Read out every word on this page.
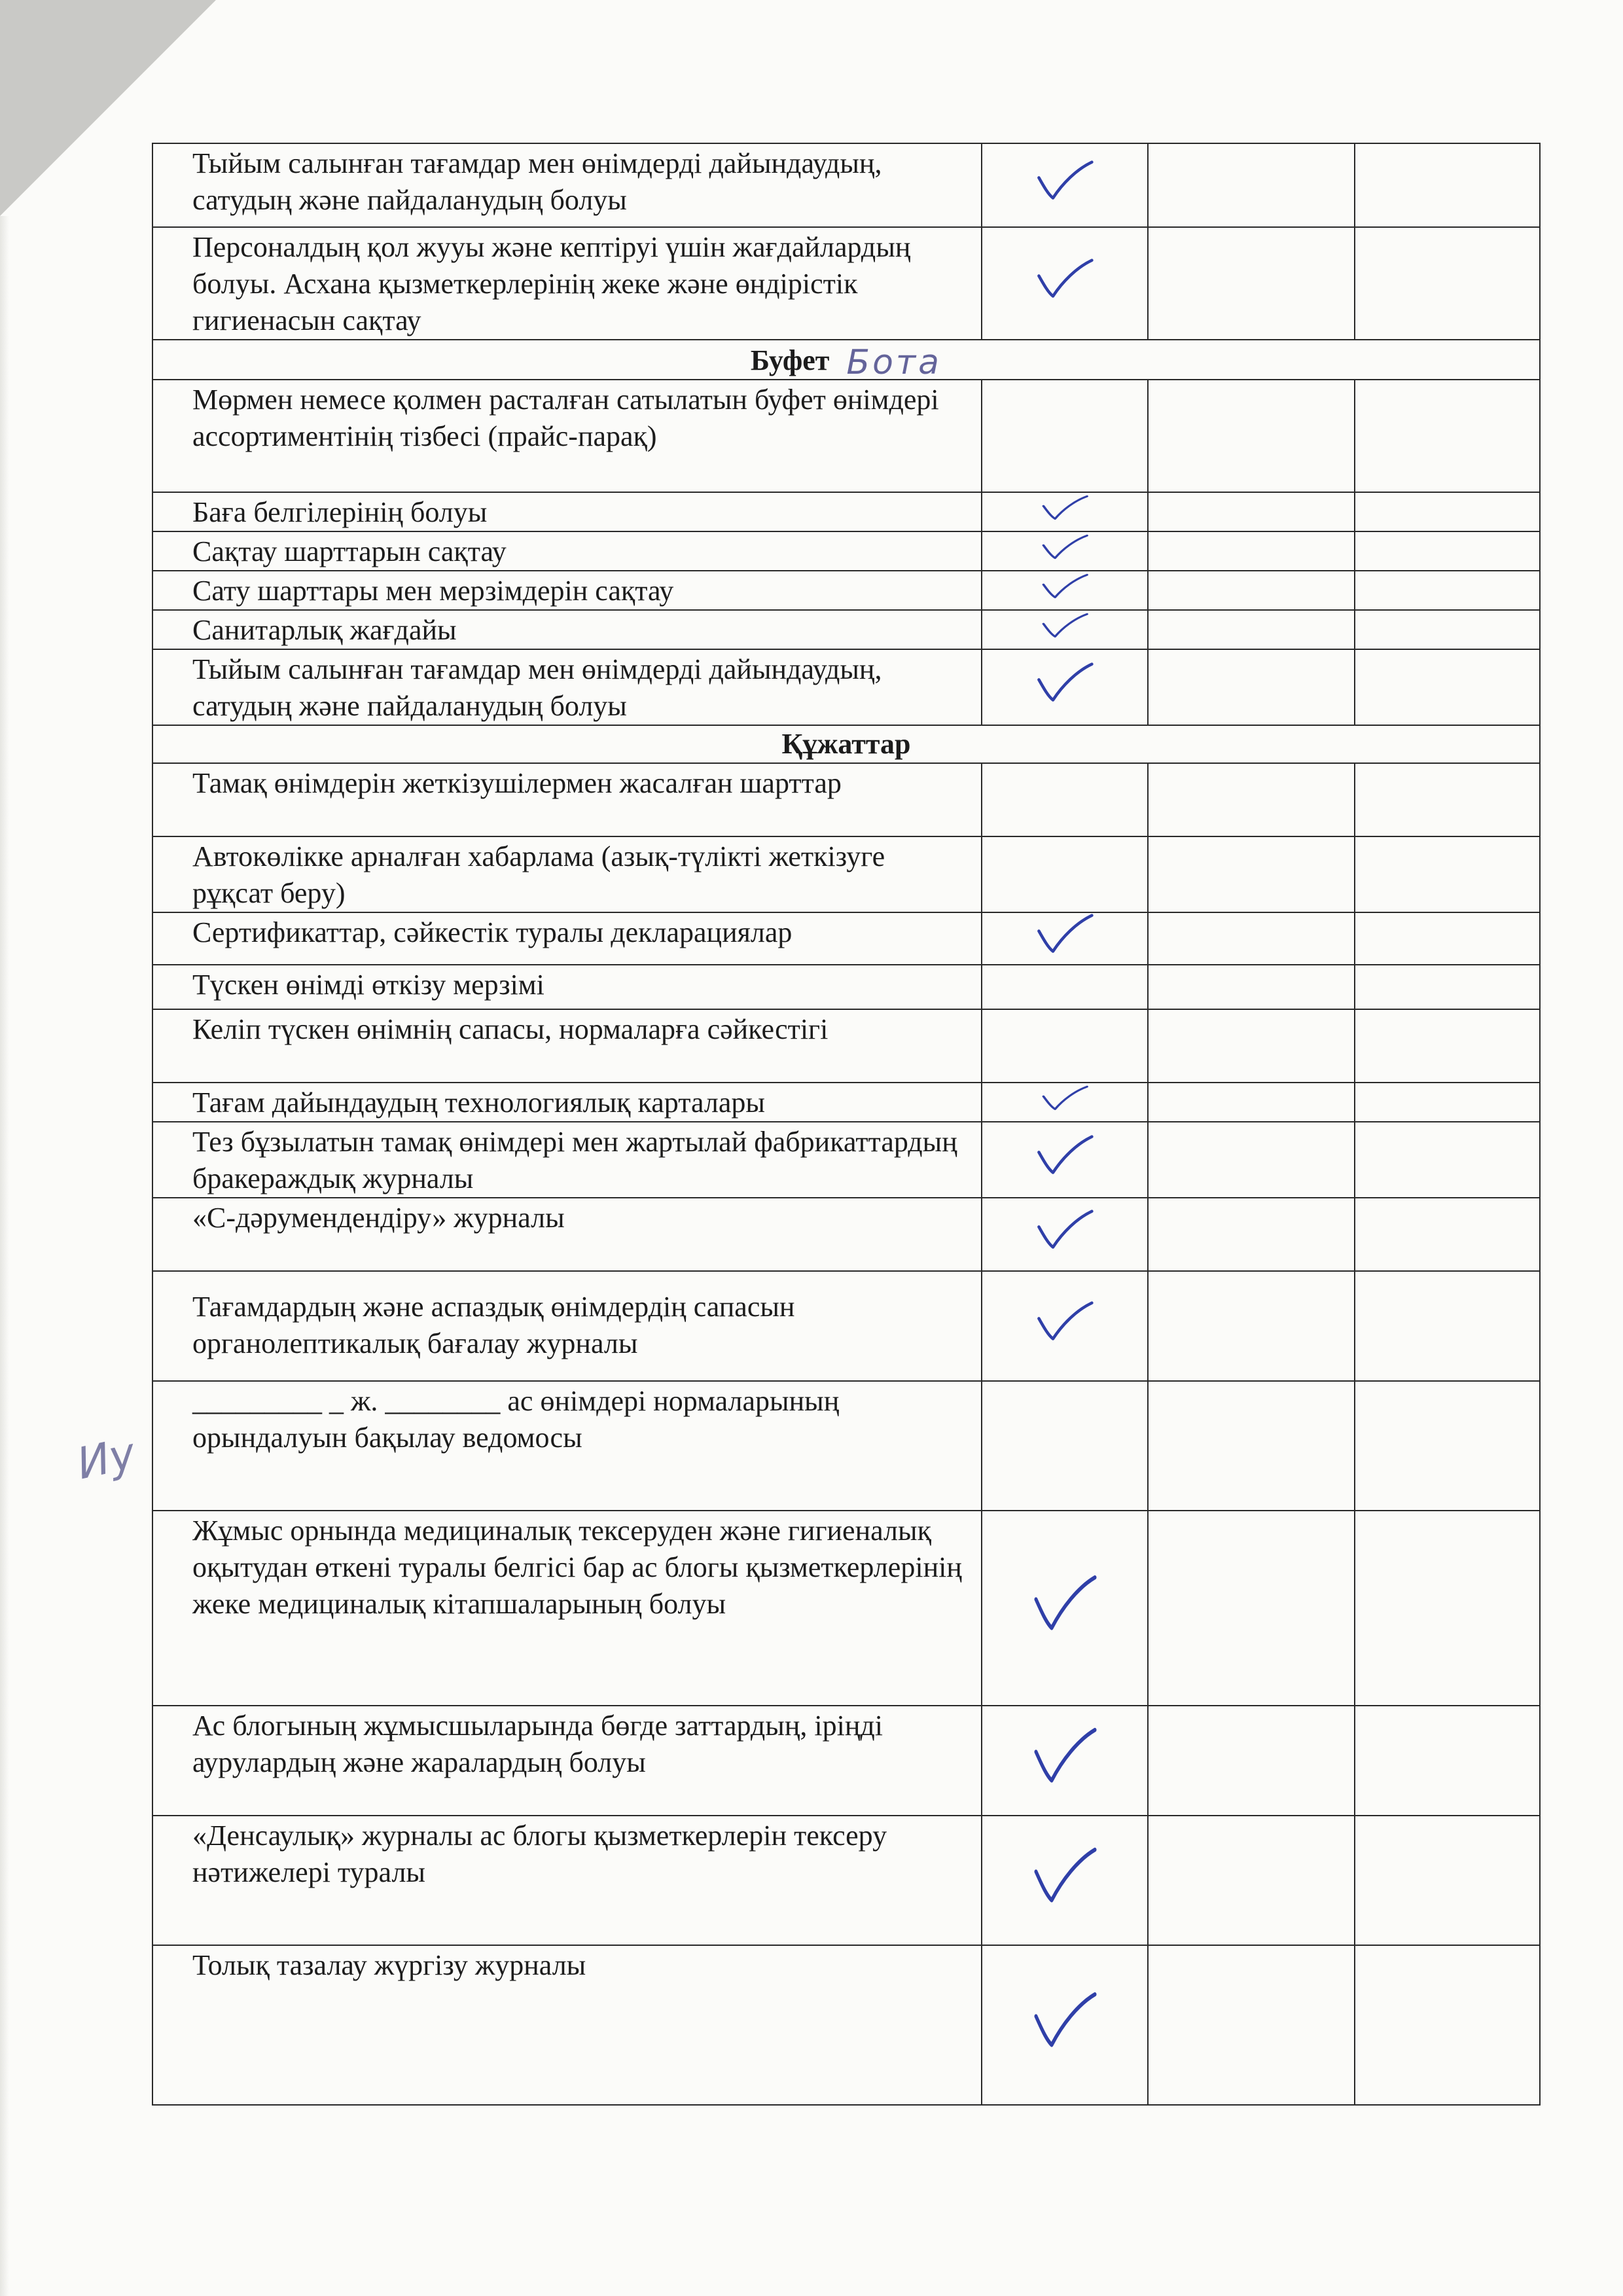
Тыйым салынған тағамдар мен өнімдерді дайындаудың, сатудың және пайдаланудың болуы	

Персоналдың қол жууы және кептіруі үшін жағдайлардың болуы. Асхана қызметкерлерінің жеке және өндірістік гигиенасын сақтау	

Буфет Бота			
Мөрмен немесе қолмен расталған сатылатын буфет өнімдері ассортиментінің тізбесі (прайс-парақ)			
Баға белгілерінің болуы	

Сақтау шарттарын сақтау	

Сату шарттары мен мерзімдерін сақтау	

Санитарлық жағдайы	

Тыйым салынған тағамдар мен өнімдерді дайындаудың, сатудың және пайдаланудың болуы	

Құжаттар			
Тамақ өнімдерін жеткізушілермен жасалған шарттар			
Автокөлікке арналған хабарлама (азық-түлікті жеткізуге рұқсат беру)			
Сертификаттар, сәйкестік туралы декларациялар	

Түскен өнімді өткізу мерзімі			
Келіп түскен өнімнің сапасы, нормаларға сәйкестігі			
Тағам дайындаудың технологиялық карталары	

Тез бұзылатын тамақ өнімдері мен жартылай фабрикаттардың бракераждық журналы	

«С-дәрумендендіру» журналы	

Тағамдардың және аспаздық өнімдердің сапасын органолептикалық бағалау журналы	

_________ _ ж. ________ ас өнімдері нормаларының орындалуын бақылау ведомосы			
Жұмыс орнында медициналық тексеруден және гигиеналық оқытудан өткені туралы белгісі бар ас блогы қызметкерлерінің жеке медициналық кітапшаларының болуы	

Ас блогының жұмысшыларында бөгде заттардың, іріңді аурулардың және жаралардың болуы	

«Денсаулық» журналы ас блогы қызметкерлерін тексеру нәтижелері туралы	

Толық тазалау жүргізу журналы	

Иу
